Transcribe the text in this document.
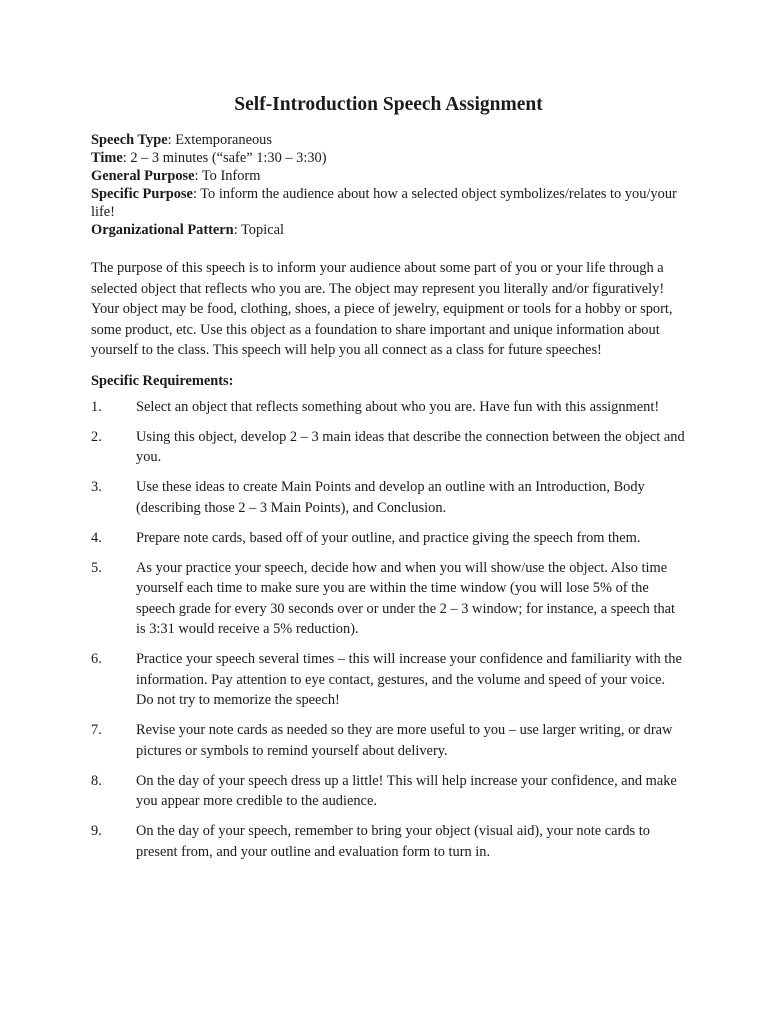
Self-Introduction Speech Assignment

Speech Type: Extemporaneous

Time: 2 – 3 minutes (“safe” 1:30 – 3:30)

General Purpose: To Inform

Specific Purpose: To inform the audience about how a selected object symbolizes/relates to you/your life!

Organizational Pattern: Topical

The purpose of this speech is to inform your audience about some part of you or your life through a selected object that reflects who you are. The object may represent you literally and/or figuratively! Your object may be food, clothing, shoes, a piece of jewelry, equipment or tools for a hobby or sport, some product, etc. Use this object as a foundation to share important and unique information about yourself to the class. This speech will help you all connect as a class for future speeches!

Specific Requirements:
1.	Select an object that reflects something about who you are. Have fun with this assignment!
2.	Using this object, develop 2 – 3 main ideas that describe the connection between the object and you.
3.	Use these ideas to create Main Points and develop an outline with an Introduction, Body (describing those 2 – 3 Main Points), and Conclusion.
4.	Prepare note cards, based off of your outline, and practice giving the speech from them.
5.	As your practice your speech, decide how and when you will show/use the object. Also time yourself each time to make sure you are within the time window (you will lose 5% of the speech grade for every 30 seconds over or under the 2 – 3 window; for instance, a speech that is 3:31 would receive a 5% reduction).
6.	Practice your speech several times – this will increase your confidence and familiarity with the information. Pay attention to eye contact, gestures, and the volume and speed of your voice. Do not try to memorize the speech!
7.	Revise your note cards as needed so they are more useful to you – use larger writing, or draw pictures or symbols to remind yourself about delivery.
8.	On the day of your speech dress up a little! This will help increase your confidence, and make you appear more credible to the audience.
9.	On the day of your speech, remember to bring your object (visual aid), your note cards to present from, and your outline and evaluation form to turn in.
